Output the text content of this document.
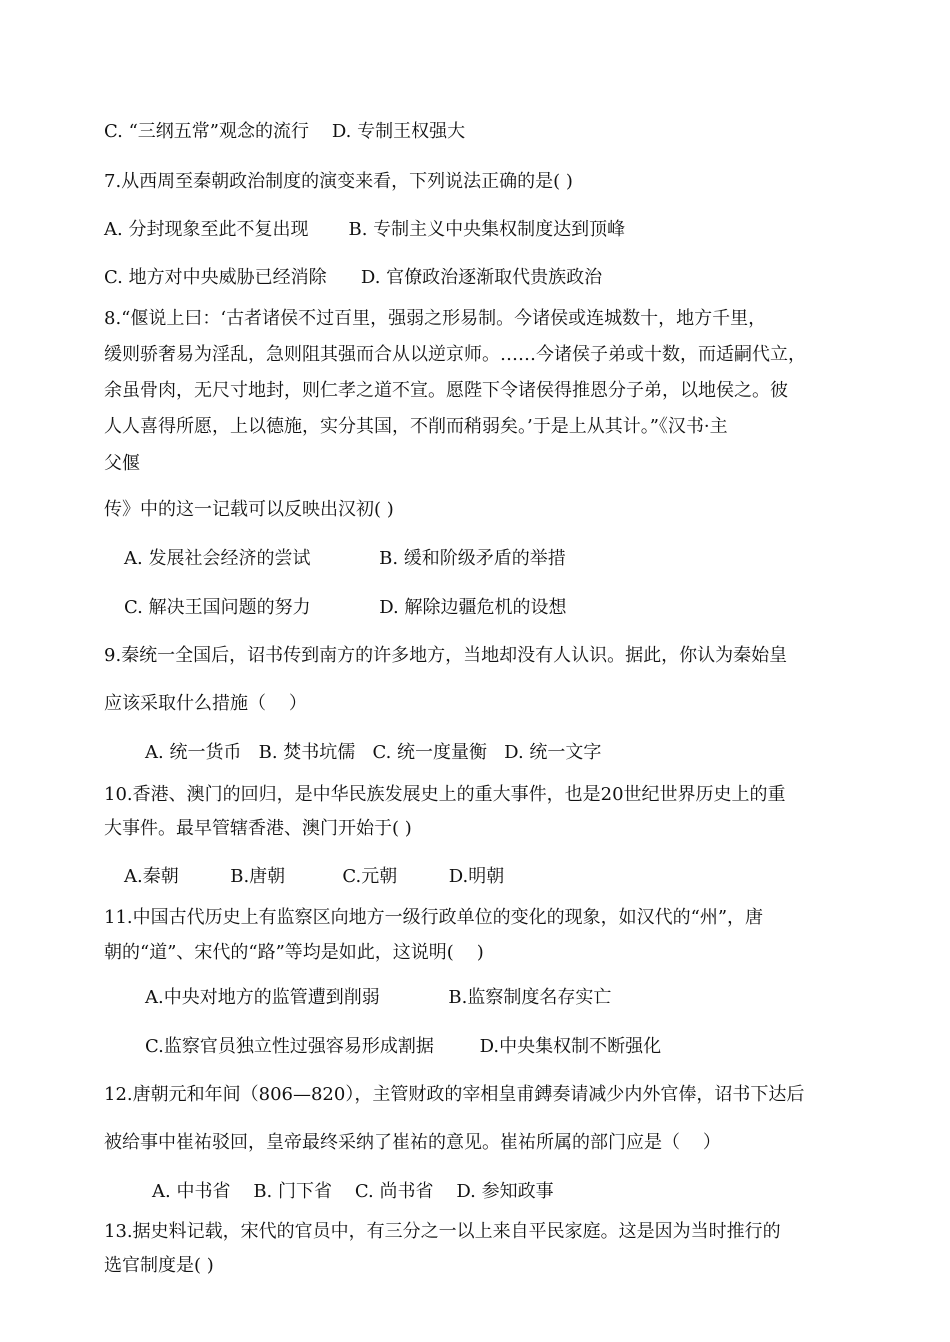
C. “三纲五常”观念的流行    D. 专制王权强大
7.从西周至秦朝政治制度的演变来看，下列说法正确的是( )
A. 分封现象至此不复出现       B. 专制主义中央集权制度达到顶峰
C. 地方对中央威胁已经消除      D. 官僚政治逐渐取代贵族政治
8.“偃说上曰：‘古者诸侯不过百里，强弱之形易制。今诸侯或连城数十，地方千里，
缓则骄奢易为淫乱，急则阻其强而合从以逆京师。……今诸侯子弟或十数，而适嗣代立，
余虽骨肉，无尺寸地封，则仁孝之道不宣。愿陛下令诸侯得推恩分子弟，以地侯之。彼
人人喜得所愿，上以德施，实分其国，不削而稍弱矣。’于是上从其计。”《汉书·主
父偃
传》中的这一记载可以反映出汉初( )
A. 发展社会经济的尝试            B. 缓和阶级矛盾的举措
C. 解决王国问题的努力            D. 解除边疆危机的设想
9.秦统一全国后，诏书传到南方的许多地方，当地却没有人认识。据此，你认为秦始皇
应该采取什么措施（    ）
A. 统一货币   B. 焚书坑儒   C. 统一度量衡   D. 统一文字
10.香港、澳门的回归，是中华民族发展史上的重大事件，也是20世纪世界历史上的重
大事件。最早管辖香港、澳门开始于( )
A.秦朝         B.唐朝          C.元朝         D.明朝
11.中国古代历史上有监察区向地方一级行政单位的变化的现象，如汉代的“州”，唐
朝的“道”、宋代的“路”等均是如此，这说明(    )
A.中央对地方的监管遭到削弱            B.监察制度名存实亡
C.监察官员独立性过强容易形成割据        D.中央集权制不断强化
12.唐朝元和年间（806—820），主管财政的宰相皇甫鎛奏请减少内外官俸，诏书下达后
被给事中崔祐驳回，皇帝最终采纳了崔祐的意见。崔祐所属的部门应是（    ）
A. 中书省    B. 门下省    C. 尚书省    D. 参知政事
13.据史料记载，宋代的官员中，有三分之一以上来自平民家庭。这是因为当时推行的
选官制度是( )
